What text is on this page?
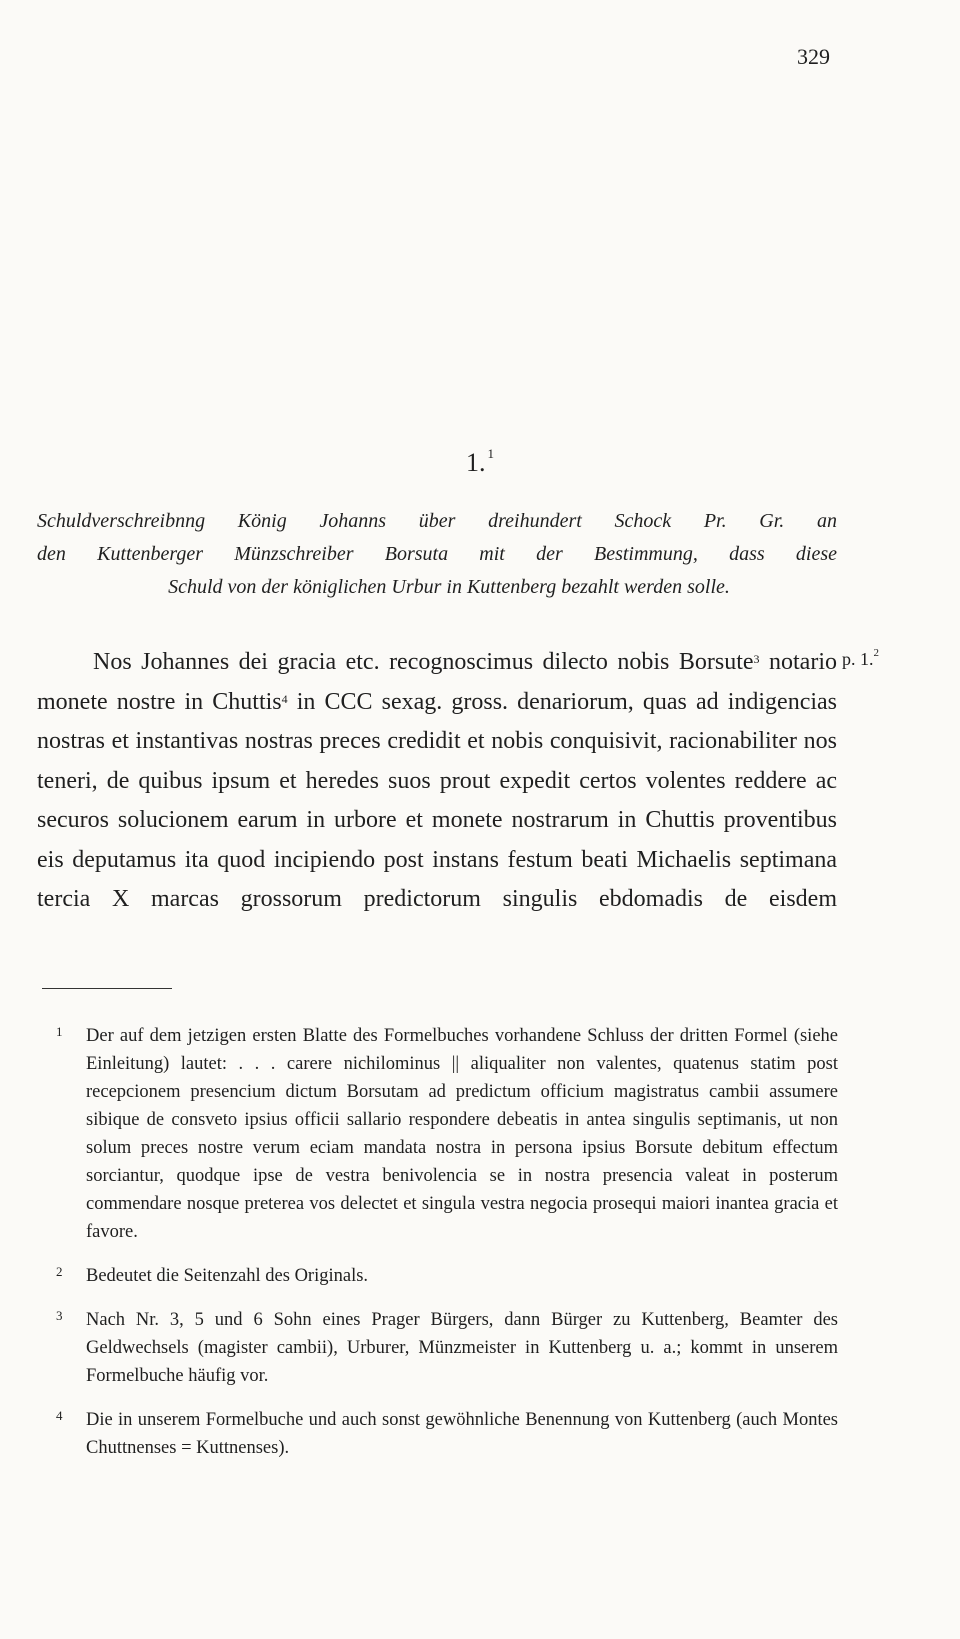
329
1. $^1$

Schuldverschreibnng König Johanns über dreihundert Schock Pr. Gr. an

den Kuttenberger Münzschreiber Borsuta mit der Bestimmung, dass diese

Schuld von der königlichen Urbur in Kuttenberg bezahlt werden solle.

p. 1.$^2$

Nos Johannes dei gracia etc. recognoscimus dilecto nobis Borsute$^3$ notario monete nostre in Chuttis$^4$ in CCC sexag. gross. denariorum, quas ad indigencias nostras et instantivas nostras preces credidit et nobis conquisivit, racionabiliter nos teneri, de quibus ipsum et heredes suos prout expedit certos volentes reddere ac securos solucionem earum in urbore et monete nostrarum in Chuttis proventibus eis deputamus ita quod incipiendo post instans festum beati Michaelis septimana tercia X marcas grossorum predictorum singulis ebdomadis de eisdem

1 Der auf dem jetzigen ersten Blatte des Formelbuches vorhandene Schluss der dritten Formel (siehe Einleitung) lautet: . . . carere nichilominus || aliqualiter non valentes, quatenus statim post recepcionem presencium dictum Borsutam ad predictum officium magistratus cambii assumere sibique de consveto ipsius officii sallario respondere debeatis in antea singulis septimanis, ut non solum preces nostre verum eciam mandata nostra in persona ipsius Borsute debitum effectum sorciantur, quodque ipse de vestra benivolencia se in nostra presencia valeat in posterum commendare nosque preterea vos delectet et singula vestra negocia prosequi maiori inantea gracia et favore.
2 Bedeutet die Seitenzahl des Originals.
3 Nach Nr. 3, 5 und 6 Sohn eines Prager Bürgers, dann Bürger zu Kuttenberg, Beamter des Geldwechsels (magister cambii), Urburer, Münzmeister in Kuttenberg u. a.; kommt in unserem Formelbuche häufig vor.
4 Die in unserem Formelbuche und auch sonst gewöhnliche Benennung von Kuttenberg (auch Montes Chuttnenses = Kuttnenses).
